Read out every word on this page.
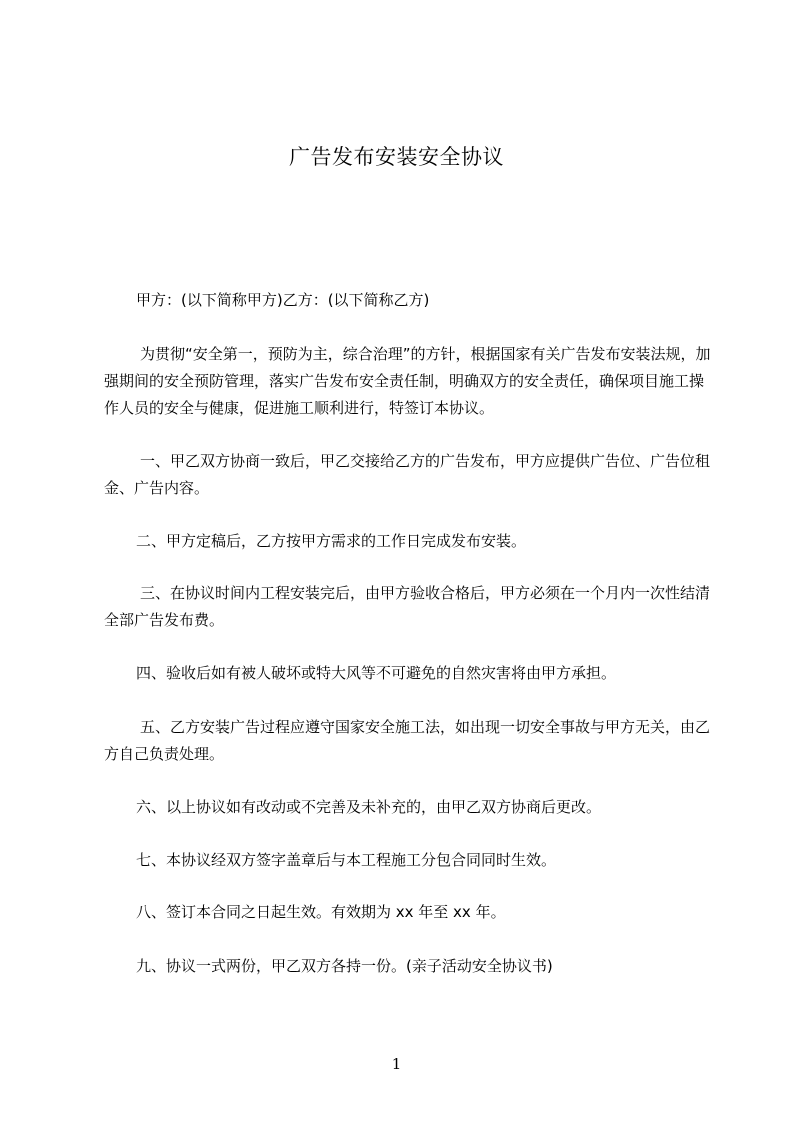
广告发布安装安全协议

甲方：(以下简称甲方)乙方：(以下简称乙方)

为贯彻“安全第一，预防为主，综合治理”的方针，根据国家有关广告发布安装法规，加强期间的安全预防管理，落实广告发布安全责任制，明确双方的安全责任，确保项目施工操作人员的安全与健康，促进施工顺利进行，特签订本协议。

一、甲乙双方协商一致后，甲乙交接给乙方的广告发布，甲方应提供广告位、广告位租金、广告内容。

二、甲方定稿后，乙方按甲方需求的工作日完成发布安装。

三、在协议时间内工程安装完后，由甲方验收合格后，甲方必须在一个月内一次性结清全部广告发布费。

四、验收后如有被人破坏或特大风等不可避免的自然灾害将由甲方承担。

五、乙方安装广告过程应遵守国家安全施工法，如出现一切安全事故与甲方无关，由乙方自己负责处理。

六、以上协议如有改动或不完善及未补充的，由甲乙双方协商后更改。

七、本协议经双方签字盖章后与本工程施工分包合同同时生效。

八、签订本合同之日起生效。有效期为 xx 年至 xx 年。

九、协议一式两份，甲乙双方各持一份。(亲子活动安全协议书)

1
